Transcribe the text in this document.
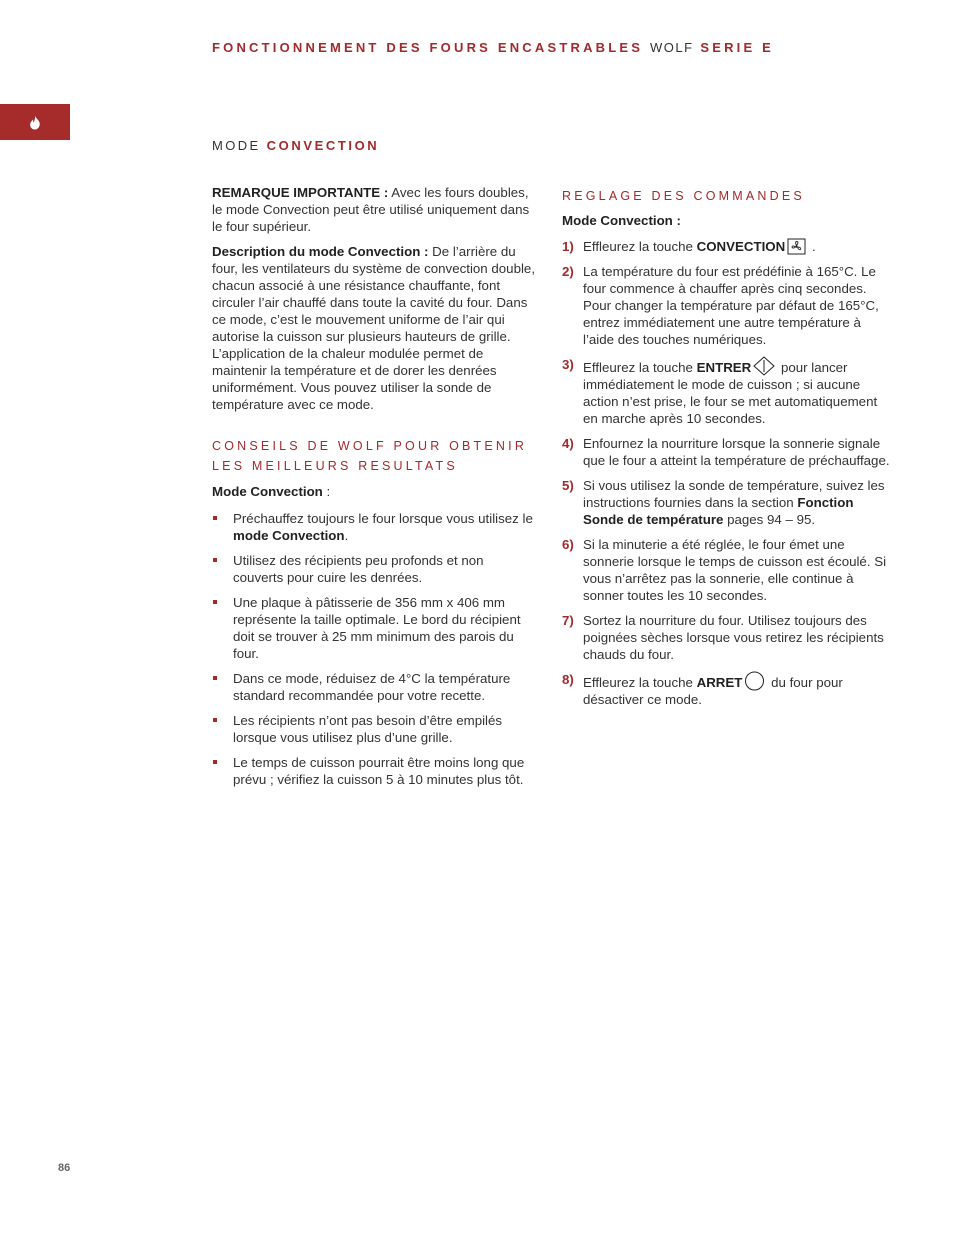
FONCTIONNEMENT DES FOURS ENCASTRABLES WOLF SERIE E
MODE CONVECTION

REMARQUE IMPORTANTE : Avec les fours doubles, le mode Convection peut être utilisé uniquement dans le four supérieur.

Description du mode Convection : De l’arrière du four, les ventilateurs du système de convection double, chacun associé à une résistance chauffante, font circuler l’air chauffé dans toute la cavité du four. Dans ce mode, c’est le mouvement uniforme de l’air qui autorise la cuisson sur plusieurs hauteurs de grille. L’application de la chaleur modulée permet de maintenir la température et de dorer les denrées uniformément. Vous pouvez utiliser la sonde de température avec ce mode.

CONSEILS DE WOLF POUR OBTENIR
LES MEILLEURS RESULTATS
Mode Convection :
Préchauffez toujours le four lorsque vous utilisez le mode Convection.
Utilisez des récipients peu profonds et non couverts pour cuire les denrées.
Une plaque à pâtisserie de 356 mm x 406 mm représente la taille optimale. Le bord du récipient doit se trouver à 25 mm minimum des parois du four.
Dans ce mode, réduisez de 4°C la température standard recommandée pour votre recette.
Les récipients n’ont pas besoin d’être empilés lorsque vous utilisez plus d’une grille.
Le temps de cuisson pourrait être moins long que prévu ; vérifiez la cuisson 5 à 10 minutes plus tôt.
REGLAGE DES COMMANDES
Mode Convection :
1) Effleurez la touche CONVECTION .
2) La température du four est prédéfinie à 165°C. Le four commence à chauffer après cinq secondes. Pour changer la température par défaut de 165°C, entrez immédiatement une autre température à l’aide des touches numériques.
3) Effleurez la touche ENTRER pour lancer immédiatement le mode de cuisson ; si aucune action n’est prise, le four se met automatiquement en marche après 10 secondes.
4) Enfournez la nourriture lorsque la sonnerie signale que le four a atteint la température de préchauffage.
5) Si vous utilisez la sonde de température, suivez les instructions fournies dans la section Fonction Sonde de température pages 94 – 95.
6) Si la minuterie a été réglée, le four émet une sonnerie lorsque le temps de cuisson est écoulé. Si vous n’arrêtez pas la sonnerie, elle continue à sonner toutes les 10 secondes.
7) Sortez la nourriture du four. Utilisez toujours des poignées sèches lorsque vous retirez les récipients chauds du four.
8) Effleurez la touche ARRET du four pour désactiver ce mode.
86
